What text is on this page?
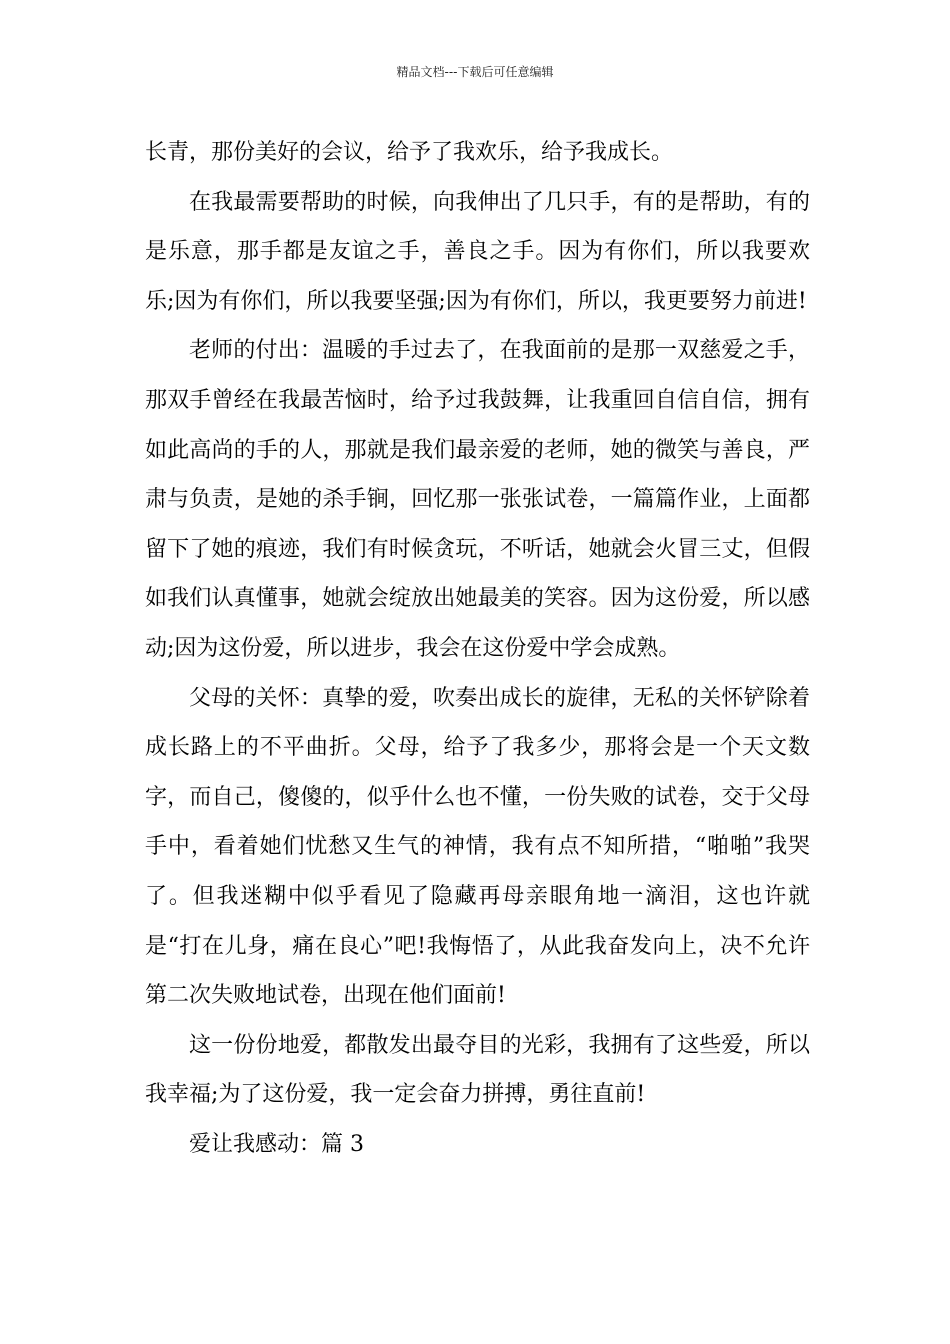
精品文档---下载后可任意编辑

长青，那份美好的会议，给予了我欢乐，给予我成长。

在我最需要帮助的时候，向我伸出了几只手，有的是帮助，有的是乐意，那手都是友谊之手，善良之手。因为有你们，所以我要欢乐;因为有你们，所以我要坚强;因为有你们，所以，我更要努力前进!

老师的付出：温暖的手过去了，在我面前的是那一双慈爱之手，那双手曾经在我最苦恼时，给予过我鼓舞，让我重回自信自信，拥有如此高尚的手的人，那就是我们最亲爱的老师，她的微笑与善良，严肃与负责，是她的杀手锏，回忆那一张张试卷，一篇篇作业，上面都留下了她的痕迹，我们有时候贪玩，不听话，她就会火冒三丈，但假如我们认真懂事，她就会绽放出她最美的笑容。因为这份爱，所以感动;因为这份爱，所以进步，我会在这份爱中学会成熟。

父母的关怀：真挚的爱，吹奏出成长的旋律，无私的关怀铲除着成长路上的不平曲折。父母，给予了我多少，那将会是一个天文数字，而自己，傻傻的，似乎什么也不懂，一份失败的试卷，交于父母手中，看着她们忧愁又生气的神情，我有点不知所措，“啪啪”我哭了。但我迷糊中似乎看见了隐藏再母亲眼角地一滴泪，这也许就是“打在儿身，痛在良心”吧!我悔悟了，从此我奋发向上，决不允许第二次失败地试卷，出现在他们面前!

这一份份地爱，都散发出最夺目的光彩，我拥有了这些爱，所以我幸福;为了这份爱，我一定会奋力拼搏，勇往直前!

爱让我感动：篇 3
